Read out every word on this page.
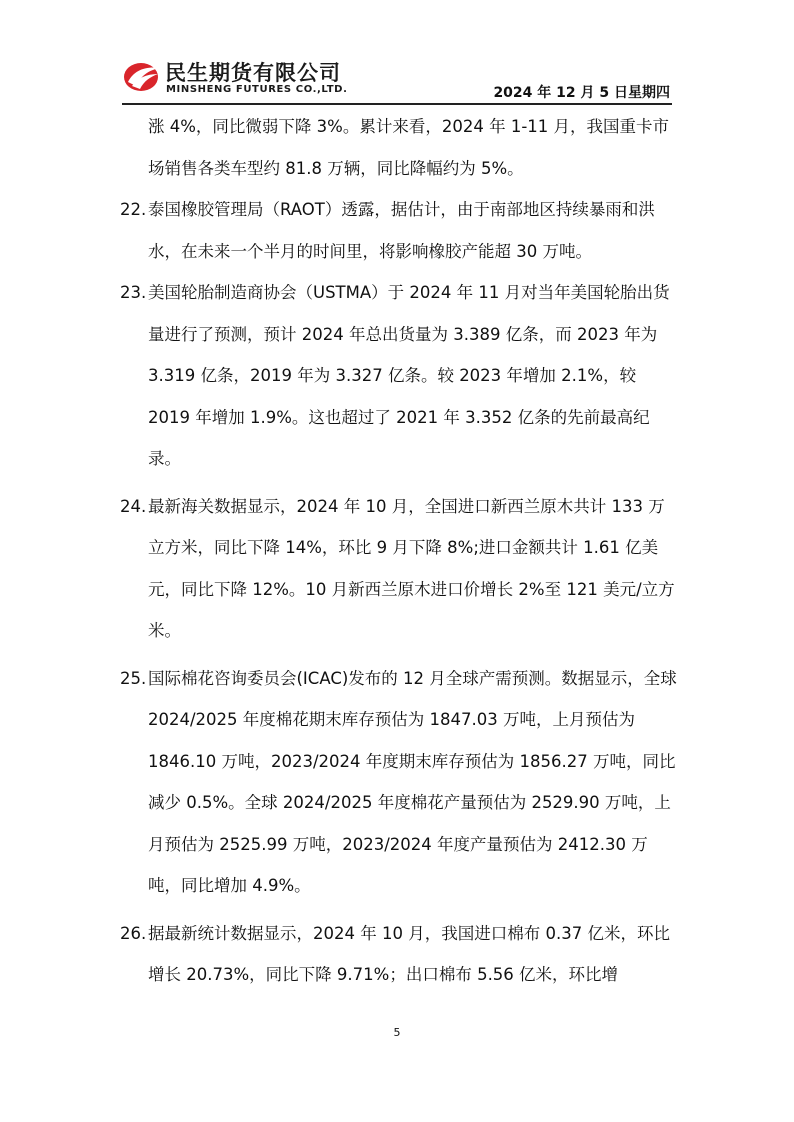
民生期货有限公司
MINSHENG FUTURES CO.,LTD.	2024 年 12 月 5 日星期四
涨 4%，同比微弱下降 3%。累计来看，2024 年 1-11 月，我国重卡市场销售各类车型约 81.8 万辆，同比降幅约为 5%。
22. 泰国橡胶管理局（RAOT）透露，据估计，由于南部地区持续暴雨和洪水，在未来一个半月的时间里，将影响橡胶产能超 30 万吨。
23. 美国轮胎制造商协会（USTMA）于 2024 年 11 月对当年美国轮胎出货量进行了预测，预计 2024 年总出货量为 3.389 亿条，而 2023 年为 3.319 亿条，2019 年为 3.327 亿条。较 2023 年增加 2.1%，较 2019 年增加 1.9%。这也超过了 2021 年 3.352 亿条的先前最高纪录。
24. 最新海关数据显示，2024 年 10 月，全国进口新西兰原木共计 133 万立方米，同比下降 14%，环比 9 月下降 8%;进口金额共计 1.61 亿美元，同比下降 12%。10 月新西兰原木进口价增长 2%至 121 美元/立方米。
25. 国际棉花咨询委员会(ICAC)发布的 12 月全球产需预测。数据显示，全球 2024/2025 年度棉花期末库存预估为 1847.03 万吨，上月预估为 1846.10 万吨，2023/2024 年度期末库存预估为 1856.27 万吨，同比减少 0.5%。全球 2024/2025 年度棉花产量预估为 2529.90 万吨，上月预估为 2525.99 万吨，2023/2024 年度产量预估为 2412.30 万吨，同比增加 4.9%。
26. 据最新统计数据显示，2024 年 10 月，我国进口棉布 0.37 亿米，环比增长 20.73%，同比下降 9.71%；出口棉布 5.56 亿米，环比增
5
